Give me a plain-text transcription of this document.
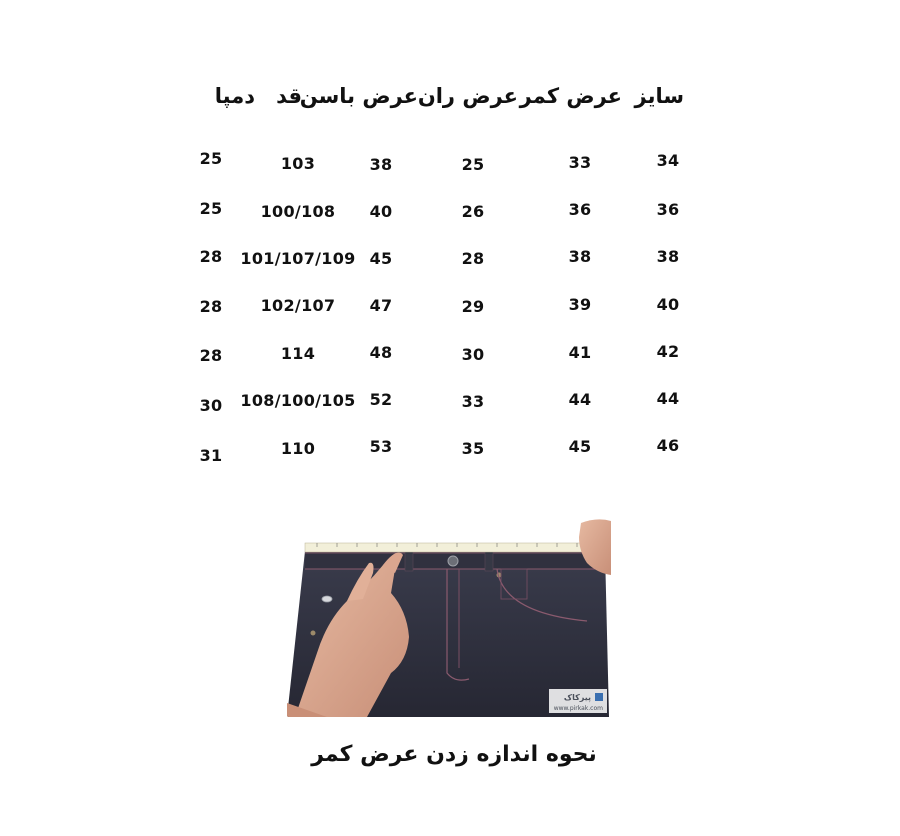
سایز
عرض کمر
عرض ران
عرض باسن
قد
دمپا
34
33
25
38
103
25
36
36
26
40
100/108
25
38
38
28
45
101/107/109
28
40
39
29
47
102/107
28
42
41
30
48
114
28
44
44
33
52
108/100/105
30
46
45
35
53
110
31
پیرکاک
www.pirkak.com
نحوه اندازه زدن عرض کمر
